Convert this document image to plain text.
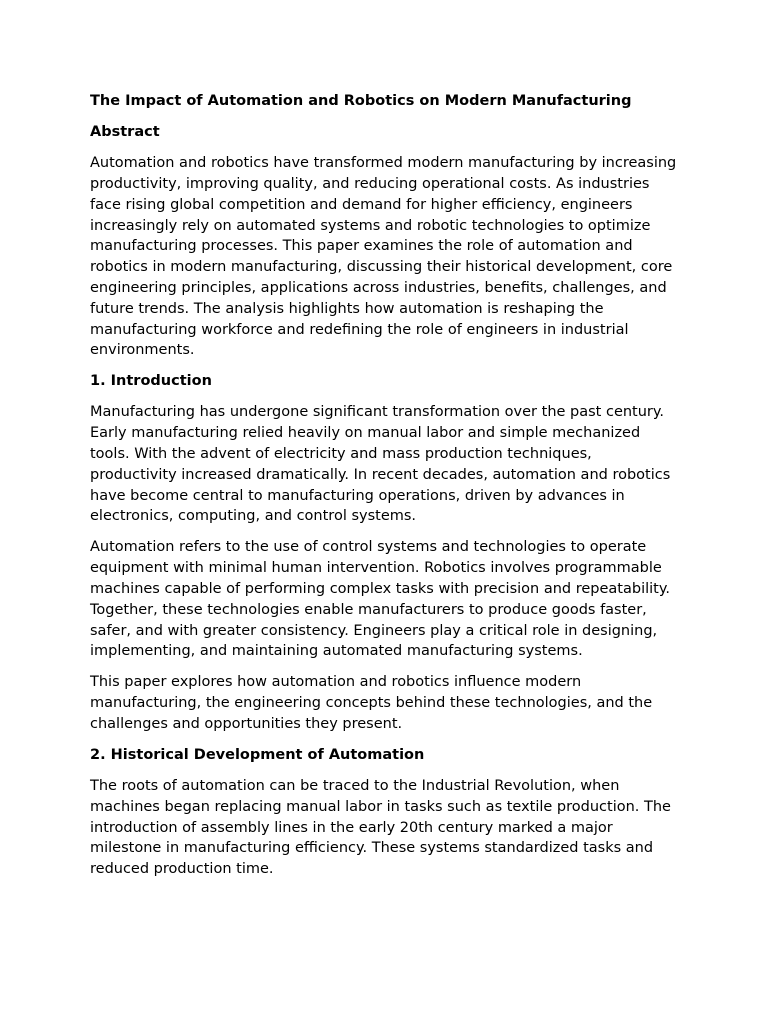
The Impact of Automation and Robotics on Modern Manufacturing
Abstract

Automation and robotics have transformed modern manufacturing by increasing productivity, improving quality, and reducing operational costs. As industries face rising global competition and demand for higher efficiency, engineers increasingly rely on automated systems and robotic technologies to optimize manufacturing processes. This paper examines the role of automation and robotics in modern manufacturing, discussing their historical development, core engineering principles, applications across industries, benefits, challenges, and future trends. The analysis highlights how automation is reshaping the manufacturing workforce and redefining the role of engineers in industrial environments.

1. Introduction

Manufacturing has undergone significant transformation over the past century. Early manufacturing relied heavily on manual labor and simple mechanized tools. With the advent of electricity and mass production techniques, productivity increased dramatically. In recent decades, automation and robotics have become central to manufacturing operations, driven by advances in electronics, computing, and control systems.

Automation refers to the use of control systems and technologies to operate equipment with minimal human intervention. Robotics involves programmable machines capable of performing complex tasks with precision and repeatability. Together, these technologies enable manufacturers to produce goods faster, safer, and with greater consistency. Engineers play a critical role in designing, implementing, and maintaining automated manufacturing systems.

This paper explores how automation and robotics influence modern manufacturing, the engineering concepts behind these technologies, and the challenges and opportunities they present.

2. Historical Development of Automation

The roots of automation can be traced to the Industrial Revolution, when machines began replacing manual labor in tasks such as textile production. The introduction of assembly lines in the early 20th century marked a major milestone in manufacturing efficiency. These systems standardized tasks and reduced production time.
